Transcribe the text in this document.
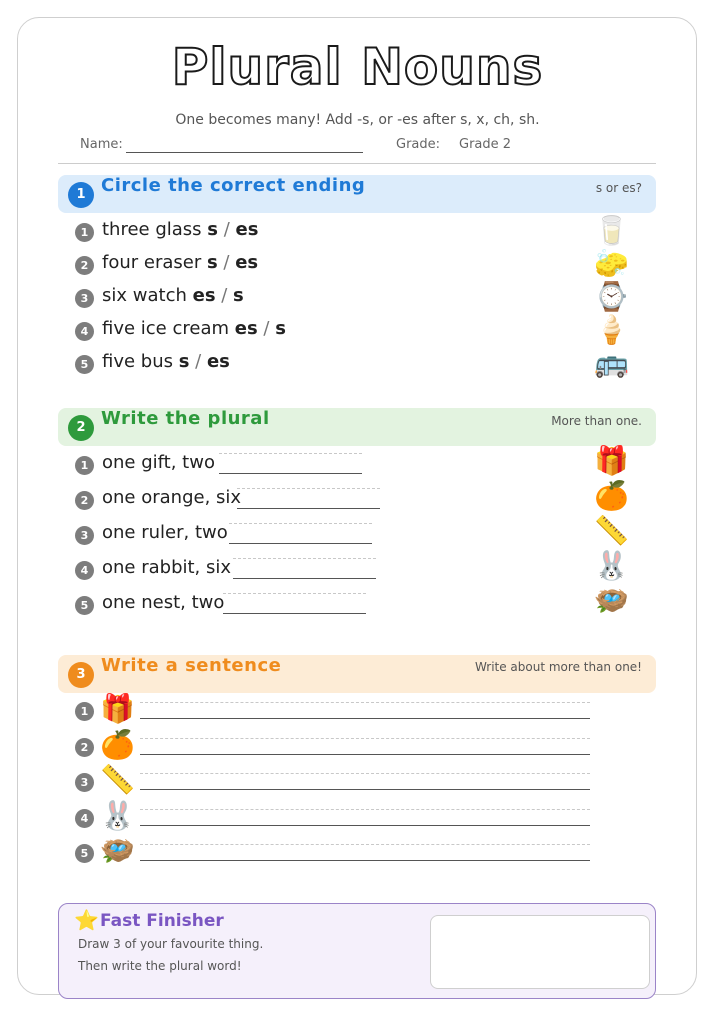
Plural Nouns
One becomes many! Add -s, or -es after s, x, ch, sh.
Name:	Grade: Grade 2
1 Circle the correct ending	s or es?
1 three glass s / es	🥛
2 four eraser s / es	🧽
3 six watch es / s	⌚
4 five ice cream es / s	🍦
5 five bus s / es	🚌
2 Write the plural	More than one.
1 one gift, two	🎁
2 one orange, six	🍊
3 one ruler, two	📏
4 one rabbit, six	🐰
5 one nest, two	🪺
3 Write a sentence	Write about more than one!
1 🎁
2 🍊
3 📏
4 🐰
5 🪺
⭐ Fast Finisher
Draw 3 of your favourite thing.
Then write the plural word!
